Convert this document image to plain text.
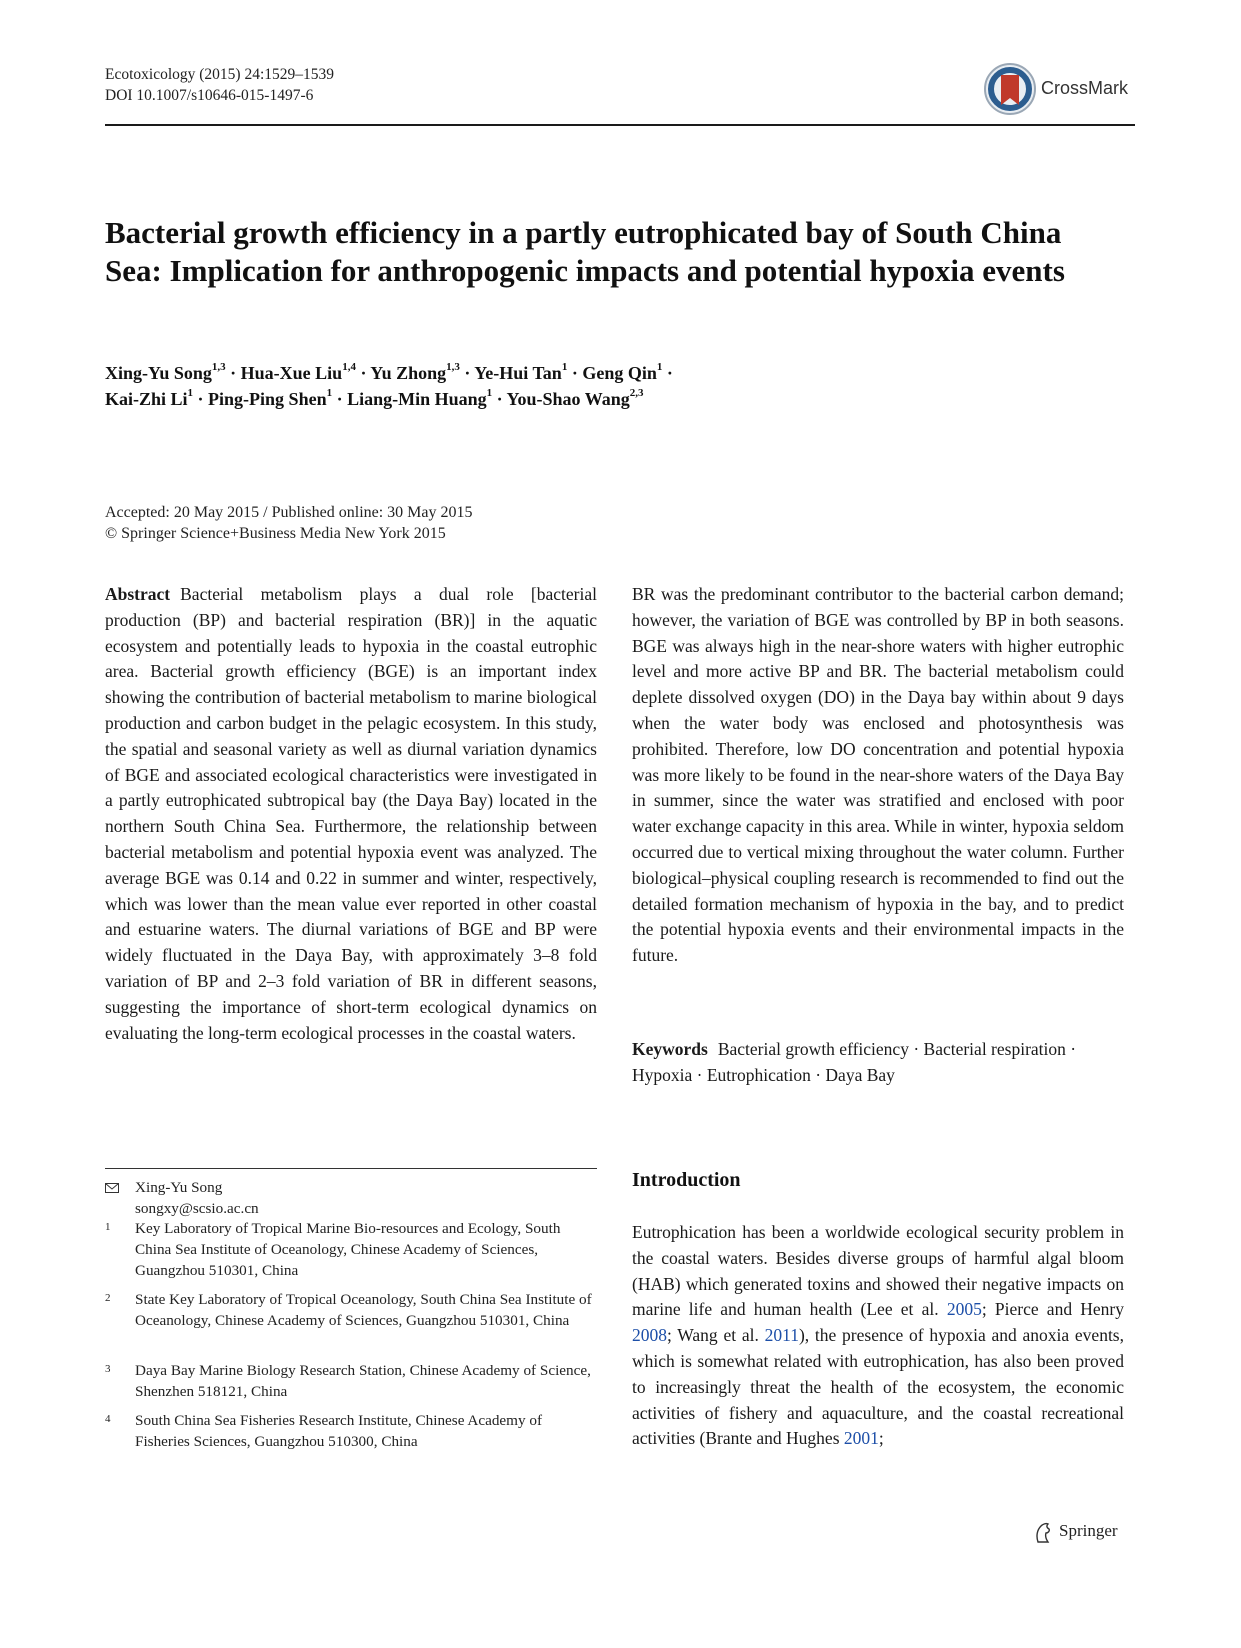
Ecotoxicology (2015) 24:1529–1539
DOI 10.1007/s10646-015-1497-6	CrossMark
Bacterial growth efficiency in a partly eutrophicated bay of South China Sea: Implication for anthropogenic impacts and potential hypoxia events
Xing-Yu Song$^{1,3}$ · Hua-Xue Liu$^{1,4}$ · Yu Zhong$^{1,3}$ · Ye-Hui Tan$^1$ · Geng Qin$^1$ ·
Kai-Zhi $Li^1$ · Ping-Ping Shen$^1$ · Liang-Min Huang$^1$ · You-Shao Wang$^{2,3}$
Accepted: 20 May 2015 / Published online: 30 May 2015
© Springer Science+Business Media New York 2015
Abstract Bacterial metabolism plays a dual role [bacterial production (BP) and bacterial respiration (BR)] in the aquatic ecosystem and potentially leads to hypoxia in the coastal eutrophic area. Bacterial growth efficiency (BGE) is an important index showing the contribution of bacterial metabolism to marine biological production and carbon budget in the pelagic ecosystem. In this study, the spatial and seasonal variety as well as diurnal variation dynamics of BGE and associated ecological characteristics were investigated in a partly eutrophicated subtropical bay (the Daya Bay) located in the northern South China Sea. Furthermore, the relationship between bacterial metabolism and potential hypoxia event was analyzed. The average BGE was 0.14 and 0.22 in summer and winter, respectively, which was lower than the mean value ever reported in other coastal and estuarine waters. The diurnal variations of BGE and BP were widely fluctuated in the Daya Bay, with approximately 3–8 fold variation of BP and 2–3 fold variation of BR in different seasons, suggesting the importance of short-term ecological dynamics on evaluating the long-term ecological processes in the coastal waters.
BR was the predominant contributor to the bacterial carbon demand; however, the variation of BGE was controlled by BP in both seasons. BGE was always high in the near-shore waters with higher eutrophic level and more active BP and BR. The bacterial metabolism could deplete dissolved oxygen (DO) in the Daya bay within about 9 days when the water body was enclosed and photosynthesis was prohibited. Therefore, low DO concentration and potential hypoxia was more likely to be found in the near-shore waters of the Daya Bay in summer, since the water was stratified and enclosed with poor water exchange capacity in this area. While in winter, hypoxia seldom occurred due to vertical mixing throughout the water column. Further biological–physical coupling research is recommended to find out the detailed formation mechanism of hypoxia in the bay, and to predict the potential hypoxia events and their environmental impacts in the future.
Keywords Bacterial growth efficiency · Bacterial respiration · Hypoxia · Eutrophication · Daya Bay
Xing-Yu Song
songxy@scsio.ac.cn
1 Key Laboratory of Tropical Marine Bio-resources and Ecology, South China Sea Institute of Oceanology, Chinese Academy of Sciences, Guangzhou 510301, China
2 State Key Laboratory of Tropical Oceanology, South China Sea Institute of Oceanology, Chinese Academy of Sciences, Guangzhou 510301, China
3 Daya Bay Marine Biology Research Station, Chinese Academy of Science, Shenzhen 518121, China
4 South China Sea Fisheries Research Institute, Chinese Academy of Fisheries Sciences, Guangzhou 510300, China
Introduction
Eutrophication has been a worldwide ecological security problem in the coastal waters. Besides diverse groups of harmful algal bloom (HAB) which generated toxins and showed their negative impacts on marine life and human health (Lee et al. 2005; Pierce and Henry 2008; Wang et al. 2011), the presence of hypoxia and anoxia events, which is somewhat related with eutrophication, has also been proved to increasingly threat the health of the ecosystem, the economic activities of fishery and aquaculture, and the coastal recreational activities (Brante and Hughes 2001;
Springer
